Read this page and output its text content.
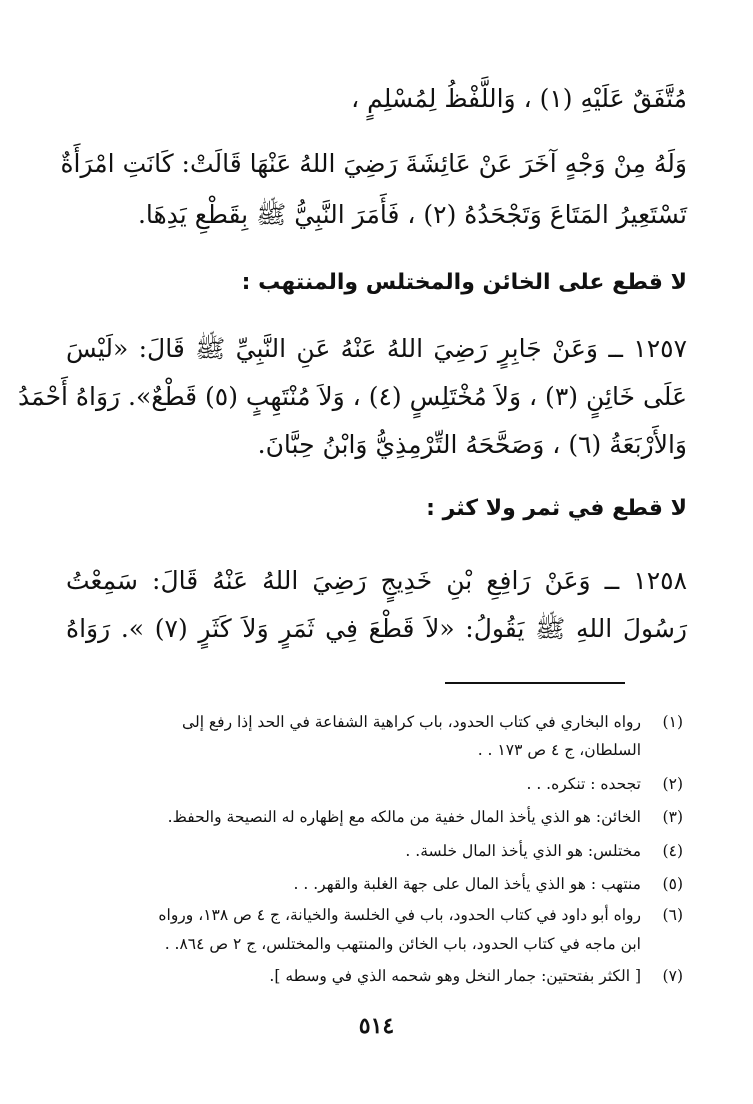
مُتَّفَقٌ عَلَيْهِ (١) ، وَاللَّفْظُ لِمُسْلِمٍ ،
وَلَهُ مِنْ وَجْهٍ آخَرَ عَنْ عَائِشَةَ رَضِيَ اللهُ عَنْهَا قَالَتْ: كَانَتِ امْرَأَةٌ
تَسْتَعِيرُ المَتَاعَ وَتَجْحَدُهُ (٢) ، فَأَمَرَ النَّبِيُّ ﷺ بِقَطْعِ يَدِهَا.
لا قطع على الخائن والمختلس والمنتهب :
١٢٥٧ ــ وَعَنْ جَابِرٍ رَضِيَ اللهُ عَنْهُ عَنِ النَّبِيِّ ﷺ قَالَ: «لَيْسَ
عَلَى خَائِنٍ (٣) ، وَلاَ مُخْتَلِسٍ (٤) ، وَلاَ مُنْتَهِبٍ (٥) قَطْعٌ». رَوَاهُ أَحْمَدُ
وَالأَرْبَعَةُ (٦) ، وَصَحَّحَهُ التِّرْمِذِيُّ وَابْنُ حِبَّانَ.
لا قطع في ثمر ولا كثر :
١٢٥٨ ــ وَعَنْ رَافِعِ بْنِ خَدِيجٍ رَضِيَ اللهُ عَنْهُ قَالَ: سَمِعْتُ
رَسُولَ اللهِ ﷺ يَقُولُ: «لاَ قَطْعَ فِي ثَمَرٍ وَلاَ كَثَرٍ (٧) ». رَوَاهُ
(١)رواه البخاري في كتاب الحدود، باب كراهية الشفاعة في الحد إذا رفع إلى
السلطان، ج ٤ ص ١٧٣ . .
(٢)تجحده : تنكره. . .
(٣)الخائن: هو الذي يأخذ المال خفية من مالكه مع إظهاره له النصيحة والحفظ.
(٤)مختلس: هو الذي يأخذ المال خلسة. .
(٥)منتهب : هو الذي يأخذ المال على جهة الغلبة والقهر. . .
(٦)رواه أبو داود في كتاب الحدود، باب في الخلسة والخيانة، ج ٤ ص ١٣٨، ورواه
ابن ماجه في كتاب الحدود، باب الخائن والمنتهب والمختلس، ج ٢ ص ٨٦٤. .
(٧)[ الكثر بفتحتين: جمار النخل وهو شحمه الذي في وسطه ].
٥١٤
